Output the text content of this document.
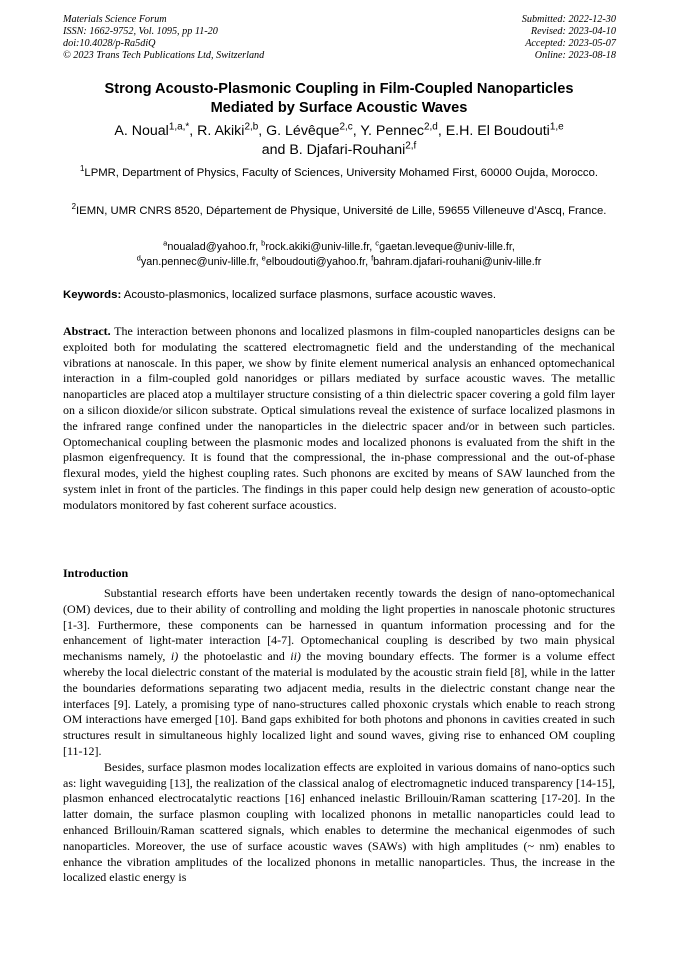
Materials Science Forum
ISSN: 1662-9752, Vol. 1095, pp 11-20
doi:10.4028/p-Ra5diQ
© 2023 Trans Tech Publications Ltd, Switzerland
Submitted: 2022-12-30
Revised: 2023-04-10
Accepted: 2023-05-07
Online: 2023-08-18
Strong Acousto-Plasmonic Coupling in Film-Coupled Nanoparticles
Mediated by Surface Acoustic Waves
A. Noual$^{1,a,*}$, R. Akiki$^{2,b}$, G. Lévêque$^{2,c}$, Y. Pennec$^{2,d}$, E.H. El Boudouti$^{1,e}$
and B. Djafari-Rouhani$^{2,f}$
$^1$LPMR, Department of Physics, Faculty of Sciences, University Mohamed First, 60000 Oujda, Morocco.
$^2$IEMN, UMR CNRS 8520, Département de Physique, Université de Lille, 59655 Villeneuve d’Ascq, France.
$^a$noualad@yahoo.fr, $^b$rock.akiki@univ-lille.fr, $^c$gaetan.leveque@univ-lille.fr,
$^d$yan.pennec@univ-lille.fr, $^e$elboudouti@yahoo.fr, $^f$bahram.djafari-rouhani@univ-lille.fr
Keywords: Acousto-plasmonics, localized surface plasmons, surface acoustic waves.
Abstract. The interaction between phonons and localized plasmons in film-coupled nanoparticles designs can be exploited both for modulating the scattered electromagnetic field and the understanding of the mechanical vibrations at nanoscale. In this paper, we show by finite element numerical analysis an enhanced optomechanical interaction in a film-coupled gold nanoridges or pillars mediated by surface acoustic waves. The metallic nanoparticles are placed atop a multilayer structure consisting of a thin dielectric spacer covering a gold film layer on a silicon dioxide/or silicon substrate. Optical simulations reveal the existence of surface localized plasmons in the infrared range confined under the nanoparticles in the dielectric spacer and/or in between such particles. Optomechanical coupling between the plasmonic modes and localized phonons is evaluated from the shift in the plasmon eigenfrequency. It is found that the compressional, the in-phase compressional and the out-of-phase flexural modes, yield the highest coupling rates. Such phonons are excited by means of SAW launched from the system inlet in front of the particles. The findings in this paper could help design new generation of acousto-optic modulators monitored by fast coherent surface acoustics.
Introduction

Substantial research efforts have been undertaken recently towards the design of nano-optomechanical (OM) devices, due to their ability of controlling and molding the light properties in nanoscale photonic structures [1-3]. Furthermore, these components can be harnessed in quantum information processing and for the enhancement of light-mater interaction [4-7]. Optomechanical coupling is described by two main physical mechanisms namely, i) the photoelastic and ii) the moving boundary effects. The former is a volume effect whereby the local dielectric constant of the material is modulated by the acoustic strain field [8], while in the latter the boundaries deformations separating two adjacent media, results in the dielectric constant change near the interfaces [9]. Lately, a promising type of nano-structures called phoxonic crystals which enable to reach strong OM interactions have emerged [10]. Band gaps exhibited for both photons and phonons in cavities created in such structures result in simultaneous highly localized light and sound waves, giving rise to enhanced OM coupling [11-12].

Besides, surface plasmon modes localization effects are exploited in various domains of nano-optics such as: light waveguiding [13], the realization of the classical analog of electromagnetic induced transparency [14-15], plasmon enhanced electrocatalytic reactions [16] enhanced inelastic Brillouin/Raman scattering [17-20]. In the latter domain, the surface plasmon coupling with localized phonons in metallic nanoparticles could lead to enhanced Brillouin/Raman scattered signals, which enables to determine the mechanical eigenmodes of such nanoparticles. Moreover, the use of surface acoustic waves (SAWs) with high amplitudes (~ nm) enables to enhance the vibration amplitudes of the localized phonons in metallic nanoparticles. Thus, the increase in the localized elastic energy is
